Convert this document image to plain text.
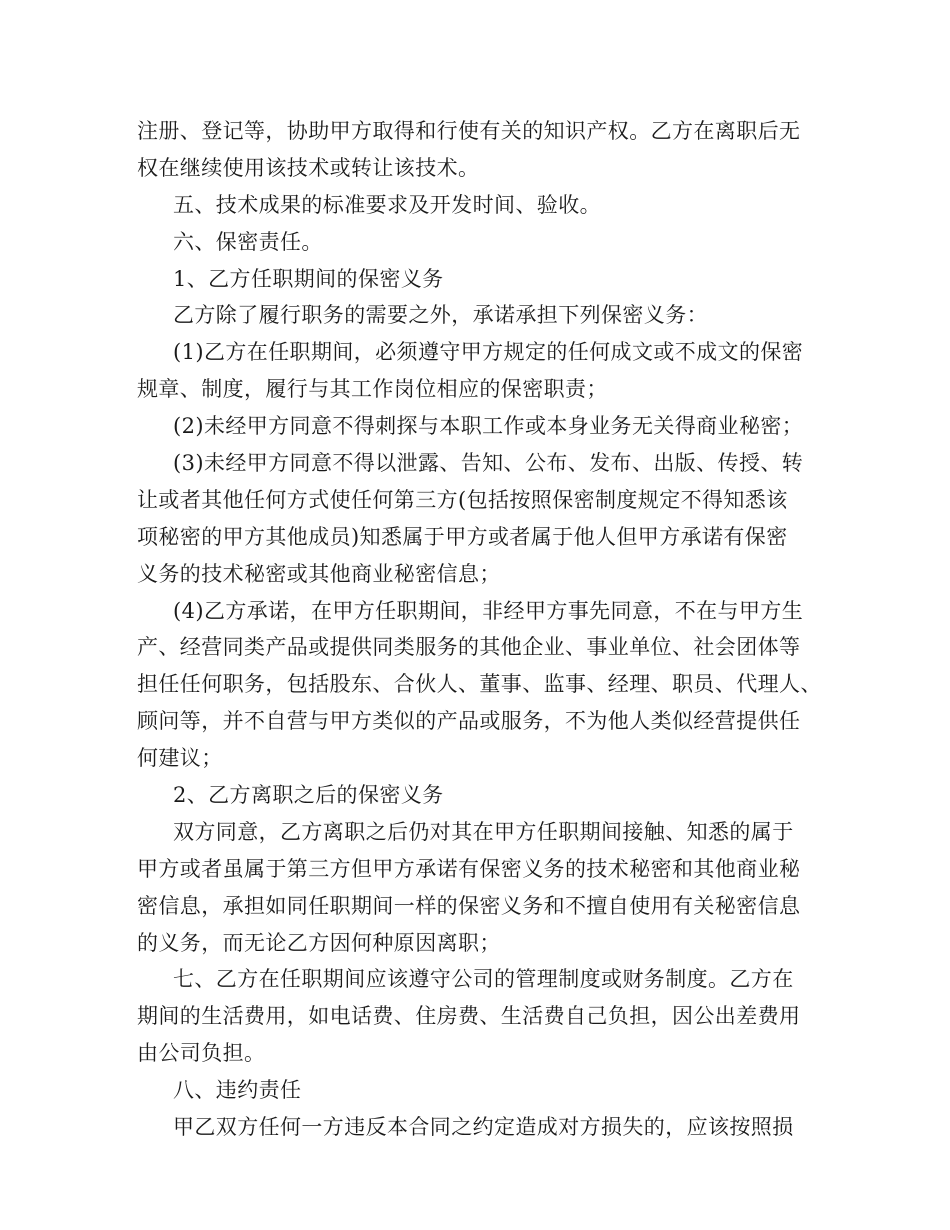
注册、登记等，协助甲方取得和行使有关的知识产权。乙方在离职后无
权在继续使用该技术或转让该技术。
五、技术成果的标准要求及开发时间、验收。
六、保密责任。
1、乙方任职期间的保密义务
乙方除了履行职务的需要之外，承诺承担下列保密义务：
(1)乙方在任职期间，必须遵守甲方规定的任何成文或不成文的保密
规章、制度，履行与其工作岗位相应的保密职责；
(2)未经甲方同意不得刺探与本职工作或本身业务无关得商业秘密；
(3)未经甲方同意不得以泄露、告知、公布、发布、出版、传授、转
让或者其他任何方式使任何第三方(包括按照保密制度规定不得知悉该
项秘密的甲方其他成员)知悉属于甲方或者属于他人但甲方承诺有保密
义务的技术秘密或其他商业秘密信息；
(4)乙方承诺，在甲方任职期间，非经甲方事先同意，不在与甲方生
产、经营同类产品或提供同类服务的其他企业、事业单位、社会团体等
担任任何职务，包括股东、合伙人、董事、监事、经理、职员、代理人、
顾问等，并不自营与甲方类似的产品或服务，不为他人类似经营提供任
何建议；
2、乙方离职之后的保密义务
双方同意，乙方离职之后仍对其在甲方任职期间接触、知悉的属于
甲方或者虽属于第三方但甲方承诺有保密义务的技术秘密和其他商业秘
密信息，承担如同任职期间一样的保密义务和不擅自使用有关秘密信息
的义务，而无论乙方因何种原因离职；
七、乙方在任职期间应该遵守公司的管理制度或财务制度。乙方在
期间的生活费用，如电话费、住房费、生活费自己负担，因公出差费用
由公司负担。
八、违约责任
甲乙双方任何一方违反本合同之约定造成对方损失的，应该按照损
